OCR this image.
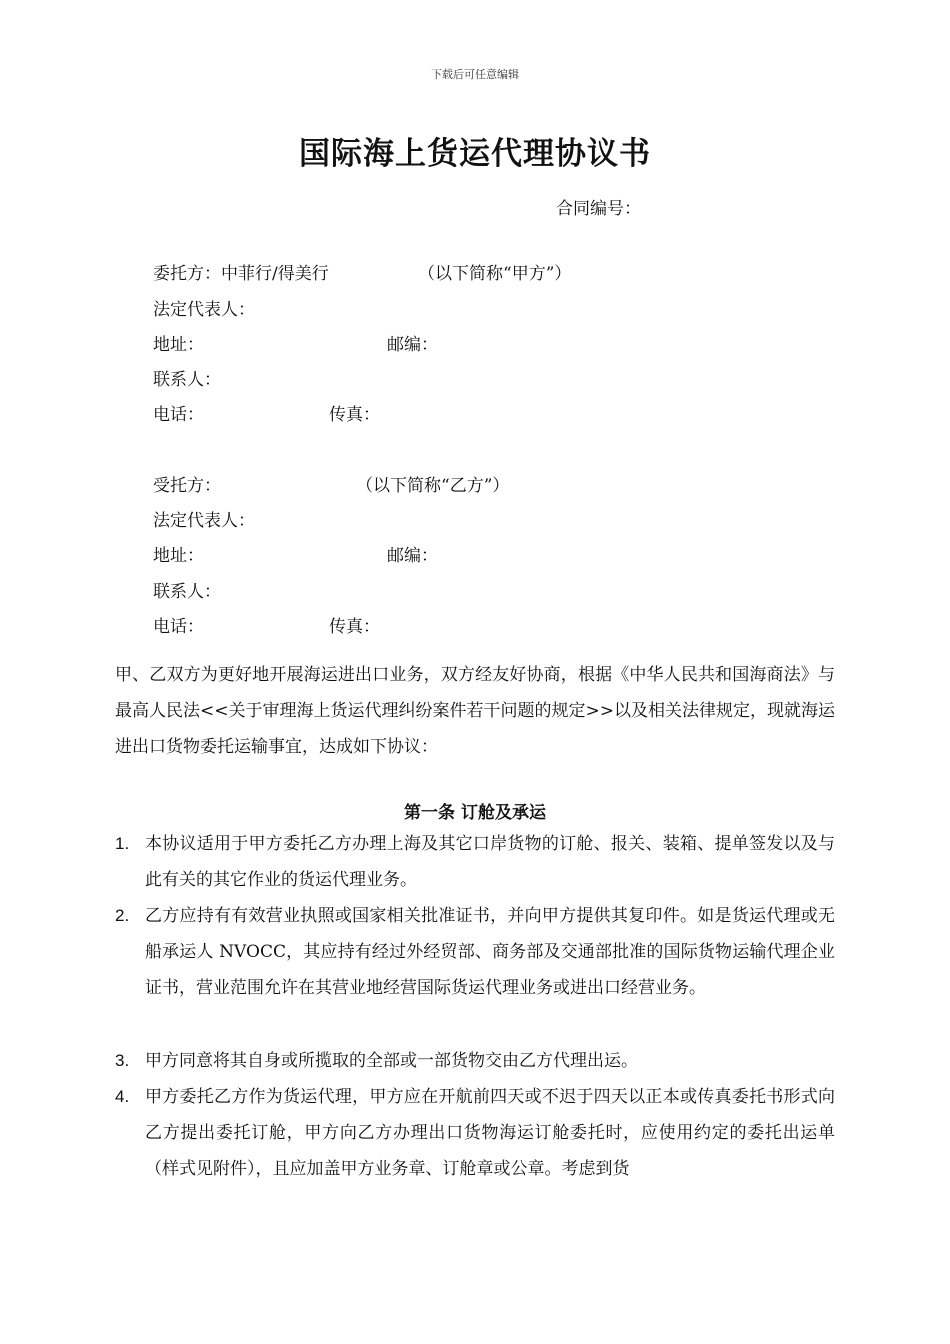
下载后可任意编辑
国际海上货运代理协议书
合同编号：
委托方：中菲行/得美行	（以下简称“甲方”）
法定代表人：
地址：	邮编：
联系人：
电话：	传真：
受托方：	（以下简称“乙方”）
法定代表人：
地址：	邮编：
联系人：
电话：	传真：
甲、乙双方为更好地开展海运进出口业务，双方经友好协商，根据《中华人民共和国海商法》与最高人民法<<关于审理海上货运代理纠纷案件若干问题的规定>>以及相关法律规定，现就海运进出口货物委托运输事宜，达成如下协议：
第一条 订舱及承运
1. 本协议适用于甲方委托乙方办理上海及其它口岸货物的订舱、报关、装箱、提单签发以及与此有关的其它作业的货运代理业务。
2. 乙方应持有有效营业执照或国家相关批准证书，并向甲方提供其复印件。如是货运代理或无船承运人 NVOCC，其应持有经过外经贸部、商务部及交通部批准的国际货物运输代理企业证书，营业范围允许在其营业地经营国际货运代理业务或进出口经营业务。
3. 甲方同意将其自身或所揽取的全部或一部货物交由乙方代理出运。
4. 甲方委托乙方作为货运代理，甲方应在开航前四天或不迟于四天以正本或传真委托书形式向乙方提出委托订舱，甲方向乙方办理出口货物海运订舱委托时，应使用约定的委托出运单（样式见附件），且应加盖甲方业务章、订舱章或公章。考虑到货
